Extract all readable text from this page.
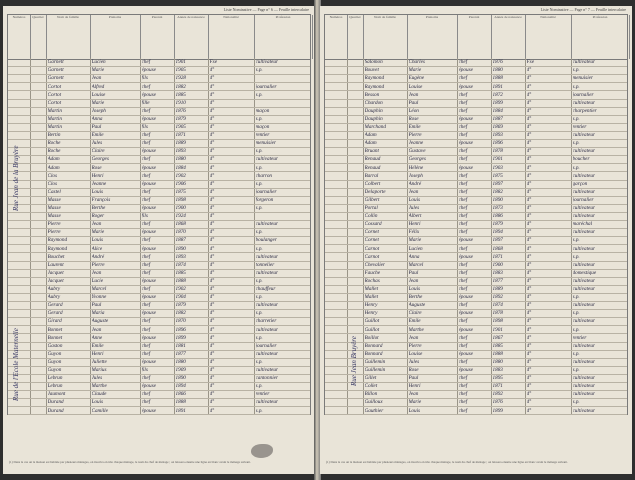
Liste Nominative — Page n° 6 — Feuille intercalaire
Numéros	Quartier	Nom de famille	Prénoms	Parenté	Année de naissance	Nationalité	Profession
Garnett	Lucien	chef	1901	Fse	cultivateur
Garnett	Marie	épouse	1905	d°	s.p.
Garnett	Jean	fils	1928	d°
Cortot	Alfred	chef	1882	d°	journalier
Cortot	Louise	épouse	1885	d°	s.p.
Cortot	Marie	fille	1910	d°
Martin	Joseph	chef	1876	d°	maçon
Martin	Anna	épouse	1879	d°	s.p.
Martin	Paul	fils	1905	d°	maçon
Bertin	Émile	chef	1871	d°	rentier
Roche	Jules	chef	1889	d°	menuisier
Roche	Claire	épouse	1893	d°	s.p.
Adam	Georges	chef	1880	d°	cultivateur
Adam	Rose	épouse	1884	d°	s.p.
Clos	Henri	chef	1902	d°	charron
Clos	Jeanne	épouse	1906	d°	s.p.
Castel	Louis	chef	1875	d°	journalier
Masse	François	chef	1898	d°	forgeron
Masse	Berthe	épouse	1900	d°	s.p.
Masse	Roger	fils	1924	d°
Pierre	Jean	chef	1868	d°	cultivateur
Pierre	Marie	épouse	1870	d°	s.p.
Raymond	Louis	chef	1887	d°	boulanger
Raymond	Alice	épouse	1890	d°	s.p.
Bouchet	André	chef	1893	d°	cultivateur
Laurent	Pierre	chef	1874	d°	tonnelier
Jacquet	Jean	chef	1885	d°	cultivateur
Jacquet	Lucie	épouse	1888	d°	s.p.
Aubry	Marcel	chef	1902	d°	chauffeur
Aubry	Yvonne	épouse	1904	d°	s.p.
Gerard	Paul	chef	1879	d°	cultivateur
Gerard	Maria	épouse	1882	d°	s.p.
Girard	Auguste	chef	1870	d°	charretier
Bonnet	Jean	chef	1896	d°	cultivateur
Bonnet	Anne	épouse	1899	d°	s.p.
Gaston	Émile	chef	1881	d°	journalier
Guyon	Henri	chef	1877	d°	cultivateur
Guyon	Juliette	épouse	1880	d°	s.p.
Guyon	Marius	fils	1909	d°	cultivateur
Lebrun	Jules	chef	1890	d°	cantonnier
Lebrun	Marthe	épouse	1894	d°	s.p.
Jaumont	Claude	chef	1866	d°	rentier
Durand	Louis	chef	1888	d°	cultivateur
Durand	Camille	épouse	1891	d°	s.p.
Rue Jean de la Bruyère
Rue de l'Ecole Maternelle
(1) Dans le cas où la maison est habitée par plusieurs ménages, on inscrira en tête chaque ménage, le nom du chef de ménage ; on laissera ensuite une ligne en blanc avant le ménage suivant.
Liste Nominative — Page n° 7 — Feuille intercalaire
Numéros	Quartier	Nom de famille	Prénoms	Parenté	Année de naissance	Nationalité	Profession
Salomon	Charles	chef	1876	Fse	cultivateur
Bouvet	Marie	épouse	1880	d°	s.p.
Raymond	Eugène	chef	1888	d°	menuisier
Raymond	Louise	épouse	1891	d°	s.p.
Besson	Jean	chef	1872	d°	journalier
Chardon	Paul	chef	1899	d°	cultivateur
Dauphin	Léon	chef	1884	d°	charpentier
Dauphin	Rose	épouse	1887	d°	s.p.
Marchand	Émile	chef	1869	d°	rentier
Adam	Pierre	chef	1893	d°	cultivateur
Adam	Jeanne	épouse	1896	d°	s.p.
Bruant	Gustave	chef	1878	d°	cultivateur
Renaud	Georges	chef	1901	d°	boucher
Renaud	Hélène	épouse	1903	d°	s.p.
Barral	Joseph	chef	1875	d°	cultivateur
Colbert	André	chef	1897	d°	garçon
Delaporte	Jean	chef	1882	d°	cultivateur
Gilbert	Louis	chef	1890	d°	journalier
Portal	Jules	chef	1873	d°	cultivateur
Collin	Albert	chef	1886	d°	cultivateur
Cossard	Henri	chef	1879	d°	maréchal
Cornet	Félix	chef	1894	d°	cultivateur
Cornet	Marie	épouse	1897	d°	s.p.
Carnot	Lucien	chef	1868	d°	cultivateur
Carnot	Anna	épouse	1871	d°	s.p.
Chevalier	Marcel	chef	1900	d°	cultivateur
Fauche	Paul	chef	1883	d°	domestique
Rochas	Jean	chef	1877	d°	cultivateur
Mallet	Louis	chef	1889	d°	cultivateur
Mallet	Berthe	épouse	1892	d°	s.p.
Henry	Auguste	chef	1874	d°	cultivateur
Henry	Claire	épouse	1878	d°	s.p.
Guillot	Émile	chef	1898	d°	cultivateur
Guillot	Marthe	épouse	1901	d°	s.p.
Boillot	Jean	chef	1867	d°	rentier
Bonnard	Pierre	chef	1885	d°	cultivateur
Bonnard	Louise	épouse	1888	d°	s.p.
Guillemin	Jules	chef	1880	d°	cultivateur
Guillemin	Rose	épouse	1883	d°	s.p.
Gillet	Paul	chef	1895	d°	cultivateur
Collet	Henri	chef	1871	d°	cultivateur
Billon	Jean	chef	1892	d°	cultivateur
Guilloux	Marie	chef	1876	d°	s.p.
Gauthier	Louis	chef	1899	d°	cultivateur
Rue Jean Bruyère
(1) Dans le cas où la maison est habitée par plusieurs ménages, on inscrira en tête chaque ménage, le nom du chef de ménage ; on laissera ensuite une ligne en blanc avant le ménage suivant.
